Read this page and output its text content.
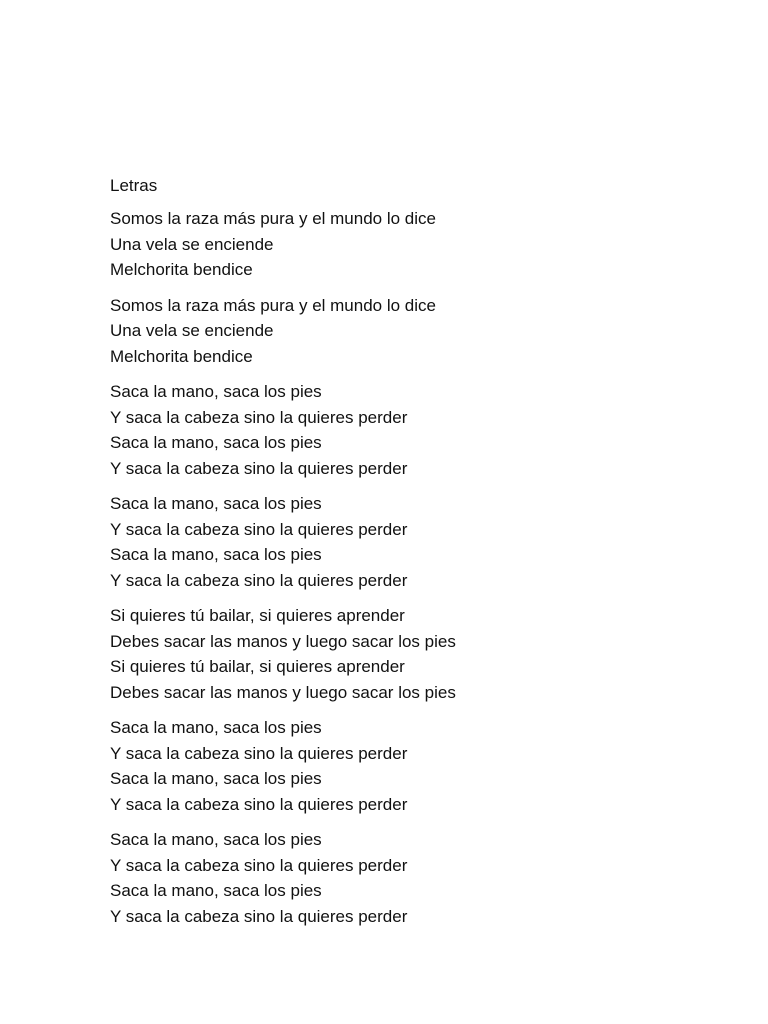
Letras
Somos la raza más pura y el mundo lo dice
Una vela se enciende
Melchorita bendice
Somos la raza más pura y el mundo lo dice
Una vela se enciende
Melchorita bendice
Saca la mano, saca los pies
Y saca la cabeza sino la quieres perder
Saca la mano, saca los pies
Y saca la cabeza sino la quieres perder
Saca la mano, saca los pies
Y saca la cabeza sino la quieres perder
Saca la mano, saca los pies
Y saca la cabeza sino la quieres perder
Si quieres tú bailar, si quieres aprender
Debes sacar las manos y luego sacar los pies
Si quieres tú bailar, si quieres aprender
Debes sacar las manos y luego sacar los pies
Saca la mano, saca los pies
Y saca la cabeza sino la quieres perder
Saca la mano, saca los pies
Y saca la cabeza sino la quieres perder
Saca la mano, saca los pies
Y saca la cabeza sino la quieres perder
Saca la mano, saca los pies
Y saca la cabeza sino la quieres perder
